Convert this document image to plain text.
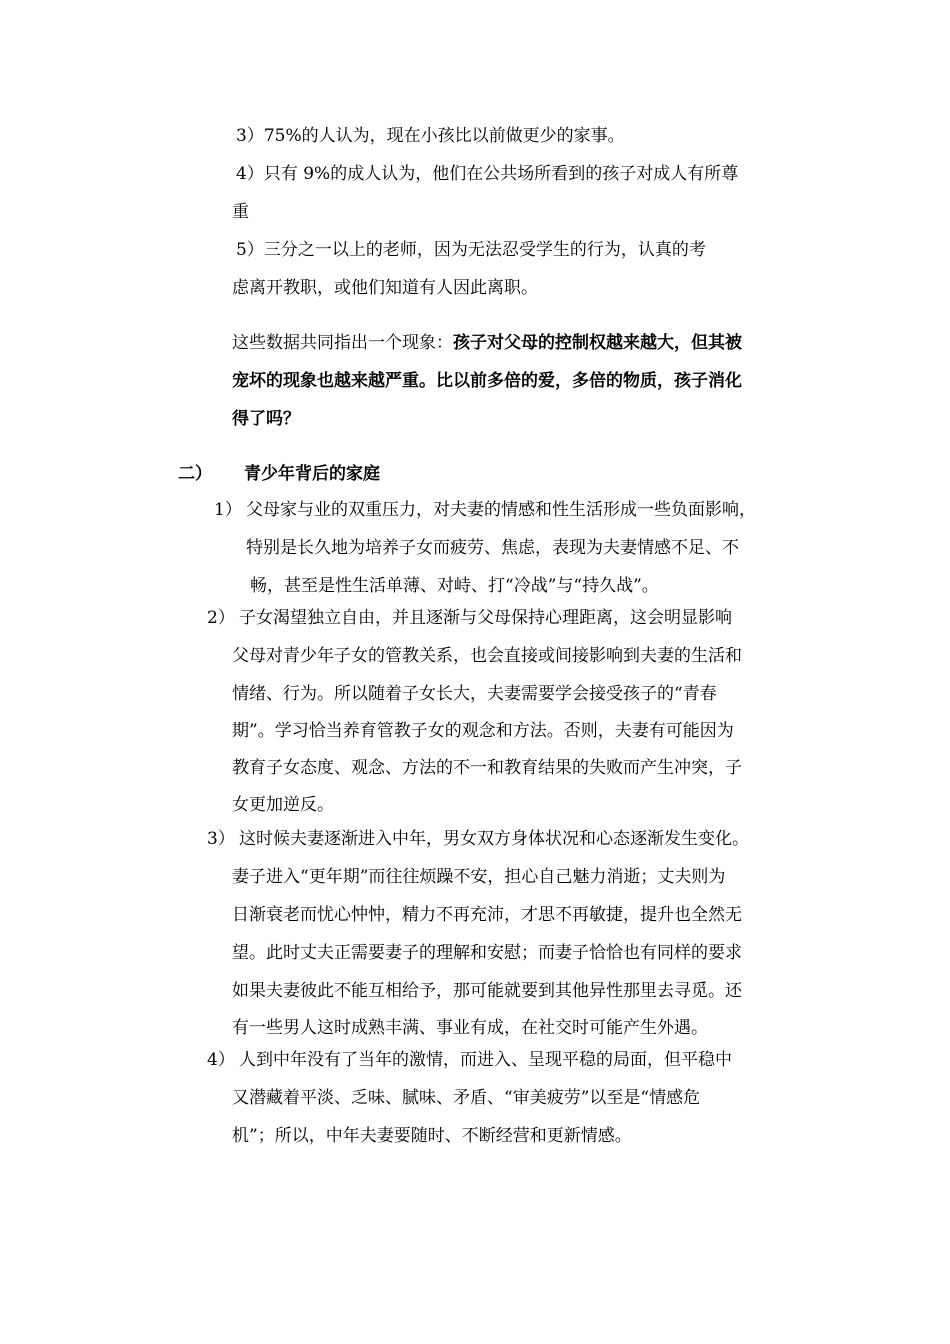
3）75%的人认为，现在小孩比以前做更少的家事。
4）只有 9%的成人认为，他们在公共场所看到的孩子对成人有所尊
重
5）三分之一以上的老师，因为无法忍受学生的行为，认真的考
虑离开教职，或他们知道有人因此离职。
这些数据共同指出一个现象：孩子对父母的控制权越来越大，但其被
宠坏的现象也越来越严重。比以前多倍的爱，多倍的物质，孩子消化
得了吗？
二） 青少年背后的家庭
1） 父母家与业的双重压力，对夫妻的情感和性生活形成一些负面影响，
特别是长久地为培养子女而疲劳、焦虑，表现为夫妻情感不足、不
畅，甚至是性生活单薄、对峙、打“冷战”与“持久战”。
2） 子女渴望独立自由，并且逐渐与父母保持心理距离，这会明显影响
父母对青少年子女的管教关系，也会直接或间接影响到夫妻的生活和
情绪、行为。所以随着子女长大，夫妻需要学会接受孩子的“青春
期”。学习恰当养育管教子女的观念和方法。否则，夫妻有可能因为
教育子女态度、观念、方法的不一和教育结果的失败而产生冲突，子
女更加逆反。
3） 这时候夫妻逐渐进入中年，男女双方身体状况和心态逐渐发生变化。
妻子进入“更年期”而往往烦躁不安，担心自己魅力消逝；丈夫则为
日渐衰老而忧心忡忡，精力不再充沛，才思不再敏捷，提升也全然无
望。此时丈夫正需要妻子的理解和安慰；而妻子恰恰也有同样的要求
如果夫妻彼此不能互相给予，那可能就要到其他异性那里去寻觅。还
有一些男人这时成熟丰满、事业有成，在社交时可能产生外遇。
4） 人到中年没有了当年的激情，而进入、呈现平稳的局面，但平稳中
又潜藏着平淡、乏味、腻味、矛盾、“审美疲劳”以至是“情感危
机”；所以，中年夫妻要随时、不断经营和更新情感。
